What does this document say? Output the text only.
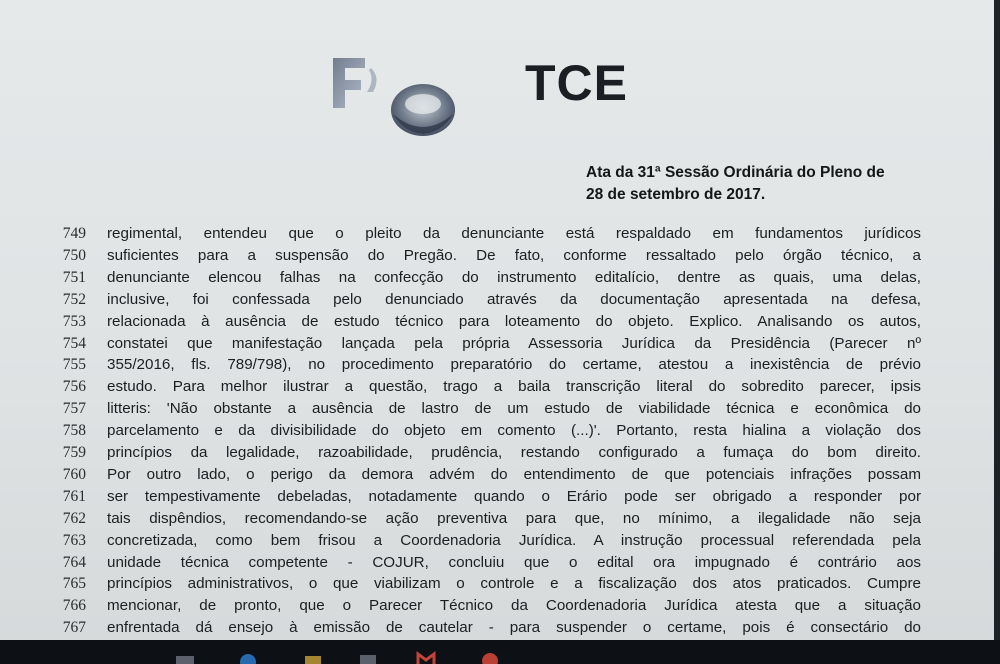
TCE
Ata da 31ª Sessão Ordinária do Pleno de
28 de setembro de 2017.
749 regimental, entendeu que o pleito da denunciante está respaldado em fundamentos jurídicos
750 suficientes para a suspensão do Pregão. De fato, conforme ressaltado pelo órgão técnico, a
751 denunciante elencou falhas na confecção do instrumento editalício, dentre as quais, uma delas,
752 inclusive, foi confessada pelo denunciado através da documentação apresentada na defesa,
753 relacionada à ausência de estudo técnico para loteamento do objeto. Explico. Analisando os autos,
754 constatei que manifestação lançada pela própria Assessoria Jurídica da Presidência (Parecer nº
755 355/2016, fls. 789/798), no procedimento preparatório do certame, atestou a inexistência de prévio
756 estudo. Para melhor ilustrar a questão, trago a baila transcrição literal do sobredito parecer, ipsis
757 litteris: 'Não obstante a ausência de lastro de um estudo de viabilidade técnica e econômica do
758 parcelamento e da divisibilidade do objeto em comento (...)'. Portanto, resta hialina a violação dos
759 princípios da legalidade, razoabilidade, prudência, restando configurado a fumaça do bom direito.
760 Por outro lado, o perigo da demora advém do entendimento de que potenciais infrações possam
761 ser tempestivamente debeladas, notadamente quando o Erário pode ser obrigado a responder por
762 tais dispêndios, recomendando-se ação preventiva para que, no mínimo, a ilegalidade não seja
763 concretizada, como bem frisou a Coordenadoria Jurídica. A instrução processual referendada pela
764 unidade técnica competente - COJUR, concluiu que o edital ora impugnado é contrário aos
765 princípios administrativos, o que viabilizam o controle e a fiscalização dos atos praticados. Cumpre
766 mencionar, de pronto, que o Parecer Técnico da Coordenadoria Jurídica atesta que a situação
767 enfrentada dá ensejo à emissão de cautelar - para suspender o certame, pois é consectário do
